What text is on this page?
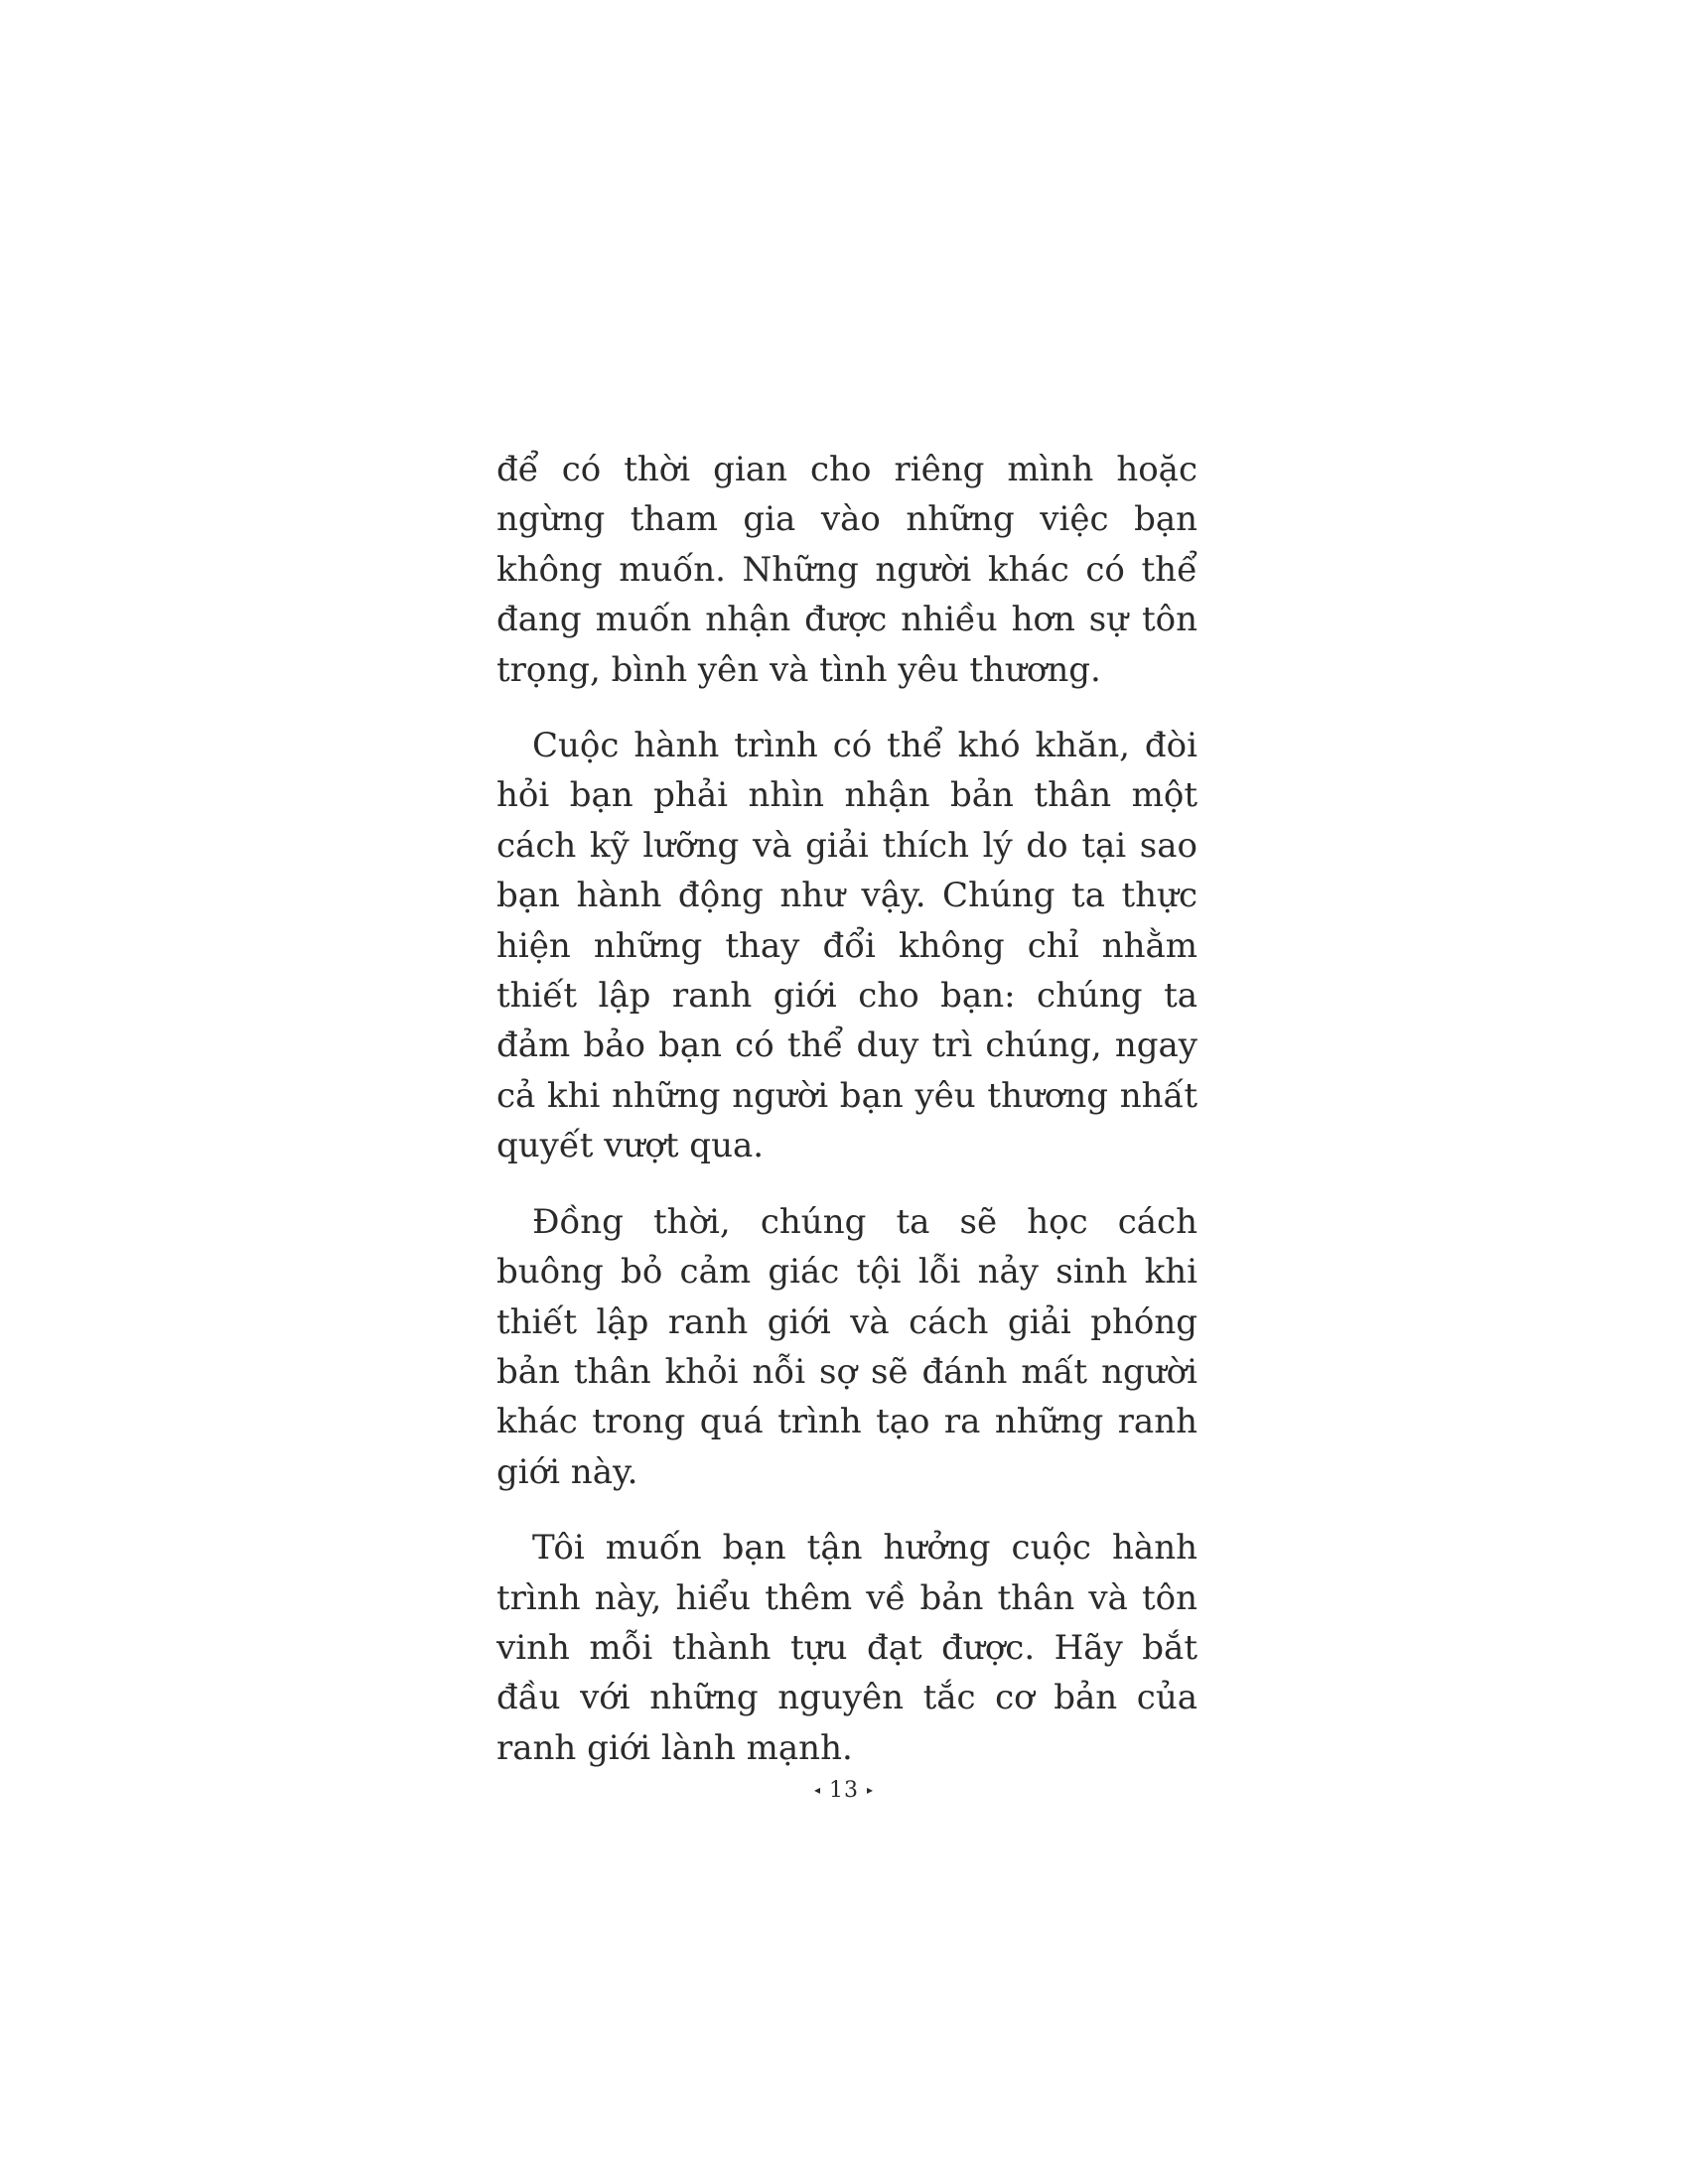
để có thời gian cho riêng mình hoặc ngừng tham gia vào những việc bạn không muốn. Những người khác có thể đang muốn nhận được nhiều hơn sự tôn trọng, bình yên và tình yêu thương.

Cuộc hành trình có thể khó khăn, đòi hỏi bạn phải nhìn nhận bản thân một cách kỹ lưỡng và giải thích lý do tại sao bạn hành động như vậy. Chúng ta thực hiện những thay đổi không chỉ nhằm thiết lập ranh giới cho bạn: chúng ta đảm bảo bạn có thể duy trì chúng, ngay cả khi những người bạn yêu thương nhất quyết vượt qua.

Đồng thời, chúng ta sẽ học cách buông bỏ cảm giác tội lỗi nảy sinh khi thiết lập ranh giới và cách giải phóng bản thân khỏi nỗi sợ sẽ đánh mất người khác trong quá trình tạo ra những ranh giới này.

Tôi muốn bạn tận hưởng cuộc hành trình này, hiểu thêm về bản thân và tôn vinh mỗi thành tựu đạt được. Hãy bắt đầu với những nguyên tắc cơ bản của ranh giới lành mạnh.

◂ 13 ▸
